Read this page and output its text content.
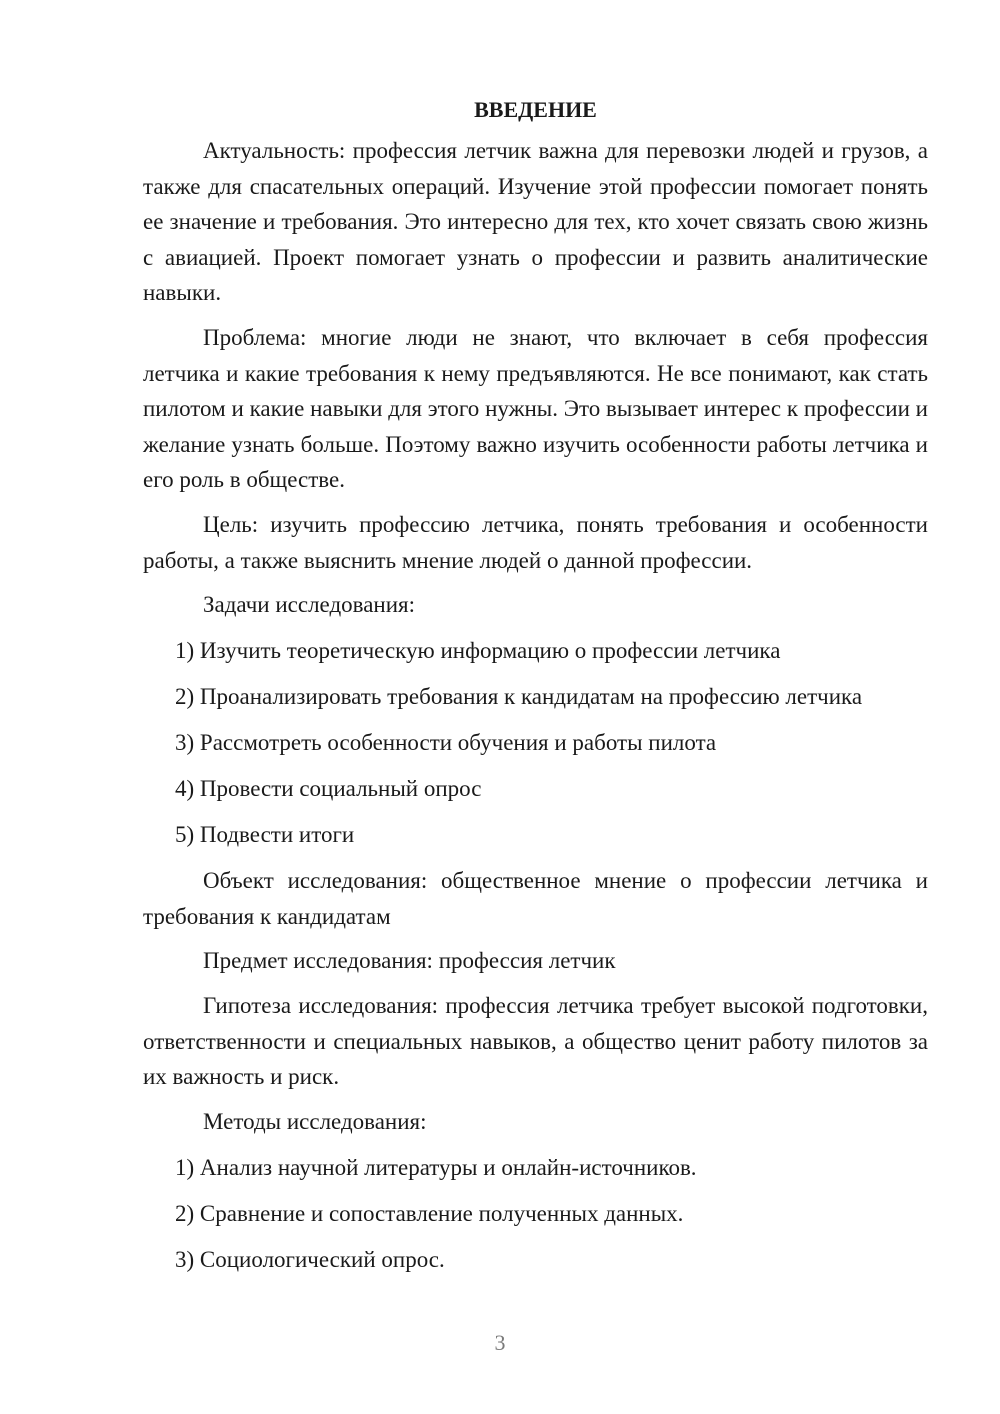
ВВЕДЕНИЕ

Актуальность: профессия летчик важна для перевозки людей и грузов, а также для спасательных операций. Изучение этой профессии помогает понять ее значение и требования. Это интересно для тех, кто хочет связать свою жизнь с авиацией. Проект помогает узнать о профессии и развить аналитические навыки.

Проблема: многие люди не знают, что включает в себя профессия летчика и какие требования к нему предъявляются. Не все понимают, как стать пилотом и какие навыки для этого нужны. Это вызывает интерес к профессии и желание узнать больше. Поэтому важно изучить особенности работы летчика и его роль в обществе.

Цель: изучить профессию летчика, понять требования и особенности работы, а также выяснить мнение людей о данной профессии.

Задачи исследования:
1) Изучить теоретическую информацию о профессии летчика
2) Проанализировать требования к кандидатам на профессию летчика
3) Рассмотреть особенности обучения и работы пилота
4) Провести социальный опрос
5) Подвести итоги

Объект исследования: общественное мнение о профессии летчика и требования к кандидатам

Предмет исследования: профессия летчик

Гипотеза исследования: профессия летчика требует высокой подготовки, ответственности и специальных навыков, а общество ценит работу пилотов за их важность и риск.

Методы исследования:
1) Анализ научной литературы и онлайн-источников.
2) Сравнение и сопоставление полученных данных.
3) Социологический опрос.
3
